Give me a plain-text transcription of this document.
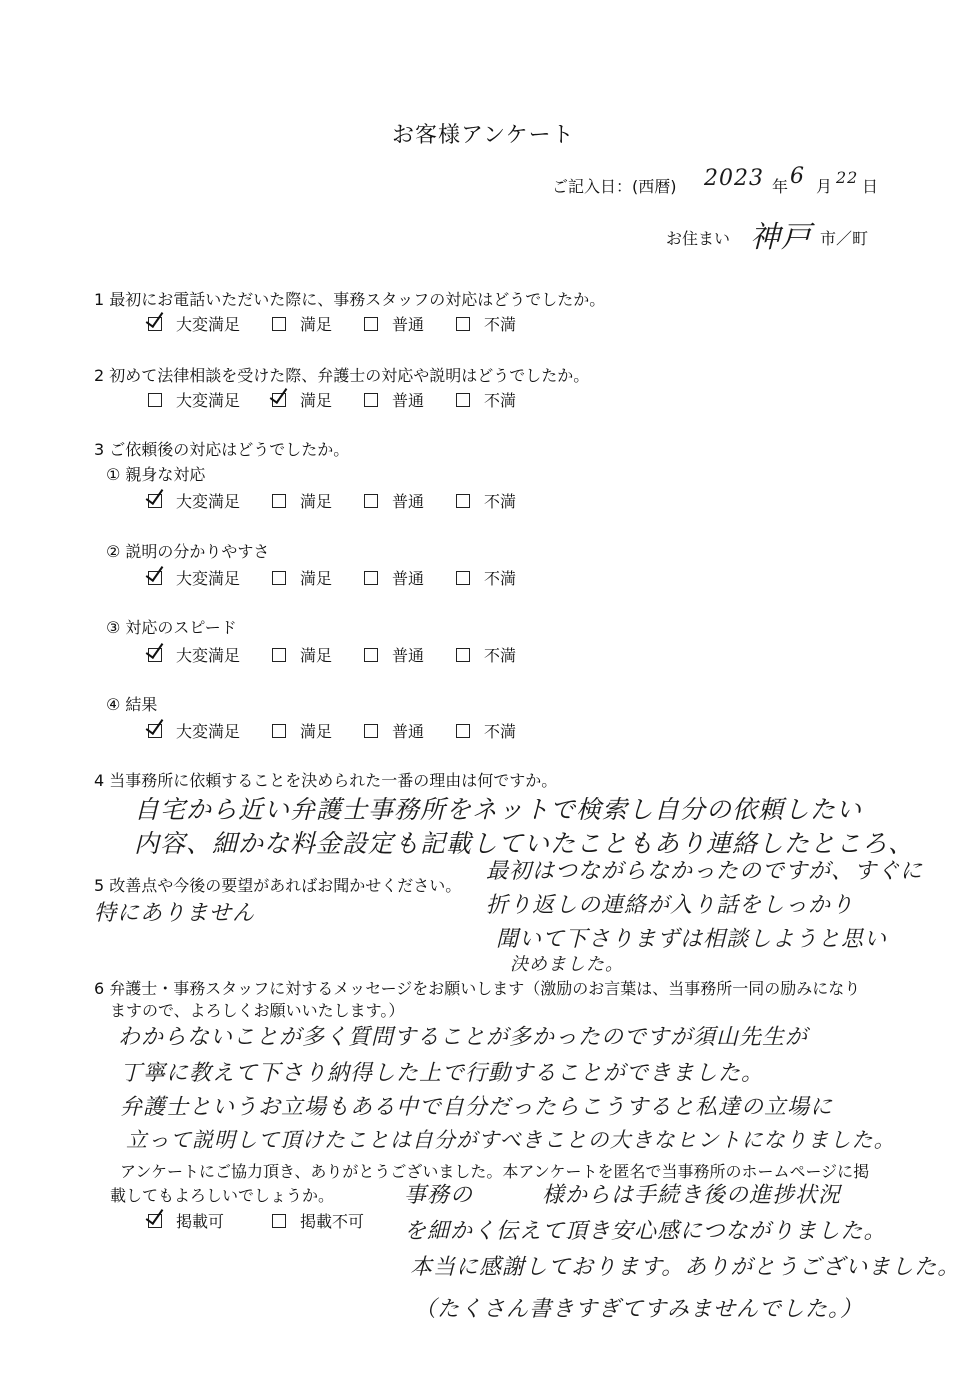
お客様アンケート
ご記入日：(西暦) 2023 年 6 月 22 日
お住まい 神戸 市／町
1 最初にお電話いただいた際に、事務スタッフの対応はどうでしたか。
大変満足	満足	普通	不満
2 初めて法律相談を受けた際、弁護士の対応や説明はどうでしたか。
大変満足	満足	普通	不満
3 ご依頼後の対応はどうでしたか。
① 親身な対応
大変満足	満足	普通	不満
② 説明の分かりやすさ
大変満足	満足	普通	不満
③ 対応のスピード
大変満足	満足	普通	不満
④ 結果
大変満足	満足	普通	不満
4 当事務所に依頼することを決められた一番の理由は何ですか。
自宅から近い弁護士事務所をネットで検索し自分の依頼したい
内容、細かな料金設定も記載していたこともあり連絡したところ、
5 改善点や今後の要望があればお聞かせください。
特にありません
最初はつながらなかったのですが、すぐに
折り返しの連絡が入り話をしっかり
聞いて下さりまずは相談しようと思い
決めました。
6 弁護士・事務スタッフに対するメッセージをお願いします（激励のお言葉は、当事務所一同の励みになり
ますので、よろしくお願いいたします。）
わからないことが多く質問することが多かったのですが須山先生が
丁寧に教えて下さり納得した上で行動することができました。
弁護士というお立場もある中で自分だったらこうすると私達の立場に
立って説明して頂けたことは自分がすべきことの大きなヒントになりました。
アンケートにご協力頂き、ありがとうございました。本アンケートを匿名で当事務所のホームページに掲
載してもよろしいでしょうか。
掲載可	掲載不可
事務の　　　様からは手続き後の進捗状況
を細かく伝えて頂き安心感につながりました。
本当に感謝しております。ありがとうございました。
（たくさん書きすぎてすみませんでした。）
